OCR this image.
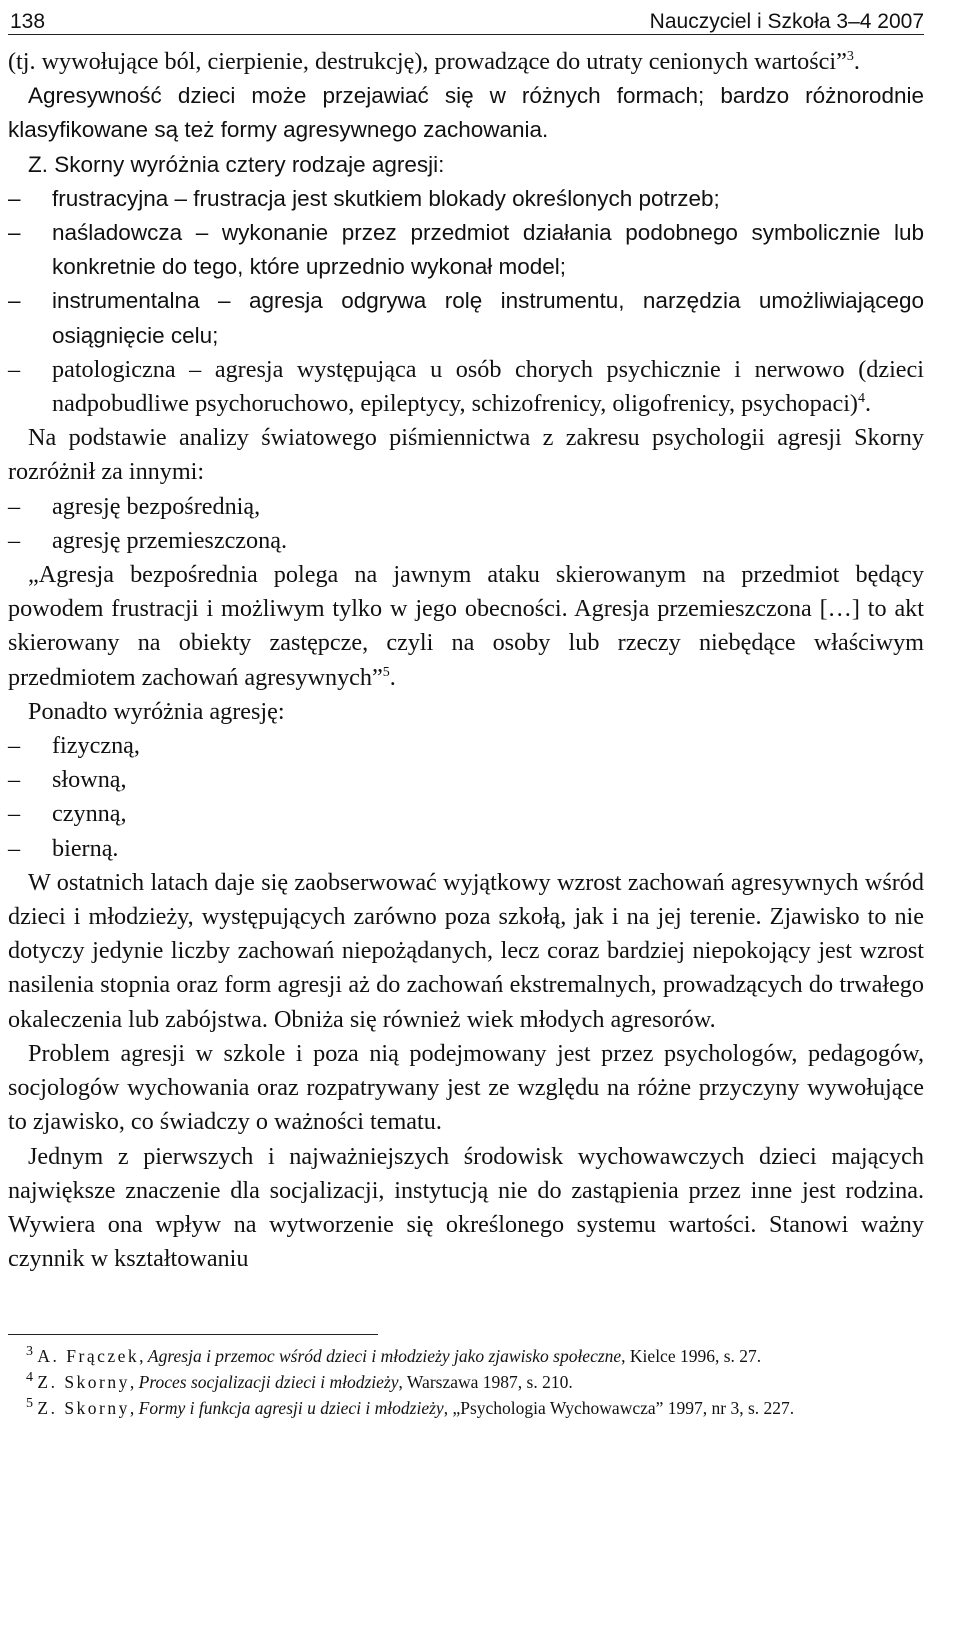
138	Nauczyciel i Szkoła 3–4 2007

(tj. wywołujące ból, cierpienie, destrukcję), prowadzące do utraty cenionych wartości”$^3$.

Agresywność dzieci może przejawiać się w różnych formach; bardzo różnorodnie klasyfikowane są też formy agresywnego zachowania.

Z. Skorny wyróżnia cztery rodzaje agresji:

– frustracyjna – frustracja jest skutkiem blokady określonych potrzeb;

– naśladowcza – wykonanie przez przedmiot działania podobnego symbolicznie lub konkretnie do tego, które uprzednio wykonał model;

– instrumentalna – agresja odgrywa rolę instrumentu, narzędzia umożliwiającego osiągnięcie celu;

– patologiczna – agresja występująca u osób chorych psychicznie i nerwowo (dzieci nadpobudliwe psychoruchowo, epileptycy, schizofrenicy, oligofrenicy, psychopaci)$^4$.

Na podstawie analizy światowego piśmiennictwa z zakresu psychologii agresji Skorny rozróżnił za innymi:

– agresję bezpośrednią,

– agresję przemieszczoną.

„Agresja bezpośrednia polega na jawnym ataku skierowanym na przedmiot będący powodem frustracji i możliwym tylko w jego obecności. Agresja przemieszczona […] to akt skierowany na obiekty zastępcze, czyli na osoby lub rzeczy niebędące właściwym przedmiotem zachowań agresywnych”$^5$.

Ponadto wyróżnia agresję:

– fizyczną,

– słowną,

– czynną,

– bierną.

W ostatnich latach daje się zaobserwować wyjątkowy wzrost zachowań agresywnych wśród dzieci i młodzieży, występujących zarówno poza szkołą, jak i na jej terenie. Zjawisko to nie dotyczy jedynie liczby zachowań niepożądanych, lecz coraz bardziej niepokojący jest wzrost nasilenia stopnia oraz form agresji aż do zachowań ekstremalnych, prowadzących do trwałego okaleczenia lub zabójstwa. Obniża się również wiek młodych agresorów.

Problem agresji w szkole i poza nią podejmowany jest przez psychologów, pedagogów, socjologów wychowania oraz rozpatrywany jest ze względu na różne przyczyny wywołujące to zjawisko, co świadczy o ważności tematu.

Jednym z pierwszych i najważniejszych środowisk wychowawczych dzieci mających największe znaczenie dla socjalizacji, instytucją nie do zastąpienia przez inne jest rodzina. Wywiera ona wpływ na wytworzenie się określonego systemu wartości. Stanowi ważny czynnik w kształtowaniu

$^3$ A. Frączek, Agresja i przemoc wśród dzieci i młodzieży jako zjawisko społeczne, Kielce 1996, s. 27.

$^4$ Z. Skorny, Proces socjalizacji dzieci i młodzieży, Warszawa 1987, s. 210.

$^5$ Z. Skorny, Formy i funkcja agresji u dzieci i młodzieży, „Psychologia Wychowawcza” 1997, nr 3, s. 227.
